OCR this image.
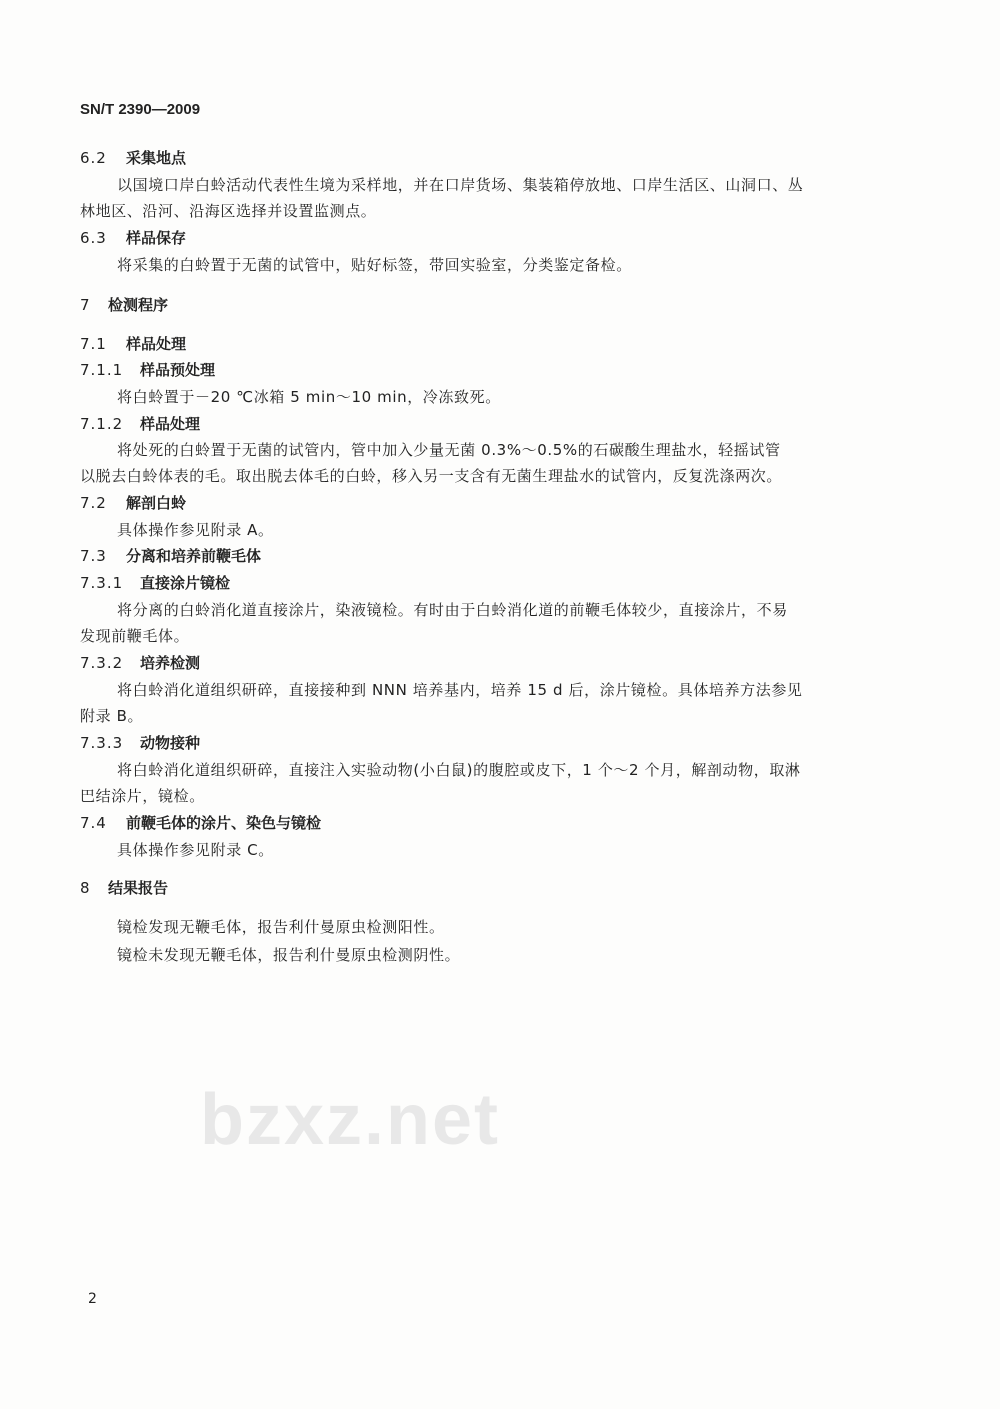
bzxz.net
SN/T 2390—2009
6.2 采集地点
以国境口岸白蛉活动代表性生境为采样地，并在口岸货场、集装箱停放地、口岸生活区、山洞口、丛
林地区、沿河、沿海区选择并设置监测点。
6.3 样品保存
将采集的白蛉置于无菌的试管中，贴好标签，带回实验室，分类鉴定备检。
7 检测程序
7.1 样品处理
7.1.1 样品预处理
将白蛉置于－20 ℃冰箱 5 min～10 min，冷冻致死。
7.1.2 样品处理
将处死的白蛉置于无菌的试管内，管中加入少量无菌 0.3%～0.5%的石碳酸生理盐水，轻摇试管
以脱去白蛉体表的毛。取出脱去体毛的白蛉，移入另一支含有无菌生理盐水的试管内，反复洗涤两次。
7.2 解剖白蛉
具体操作参见附录 A。
7.3 分离和培养前鞭毛体
7.3.1 直接涂片镜检
将分离的白蛉消化道直接涂片，染液镜检。有时由于白蛉消化道的前鞭毛体较少，直接涂片，不易
发现前鞭毛体。
7.3.2 培养检测
将白蛉消化道组织研碎，直接接种到 NNN 培养基内，培养 15 d 后，涂片镜检。具体培养方法参见
附录 B。
7.3.3 动物接种
将白蛉消化道组织研碎，直接注入实验动物(小白鼠)的腹腔或皮下，1 个～2 个月，解剖动物，取淋
巴结涂片，镜检。
7.4 前鞭毛体的涂片、染色与镜检
具体操作参见附录 C。
8 结果报告
镜检发现无鞭毛体，报告利什曼原虫检测阳性。
镜检未发现无鞭毛体，报告利什曼原虫检测阴性。
2
